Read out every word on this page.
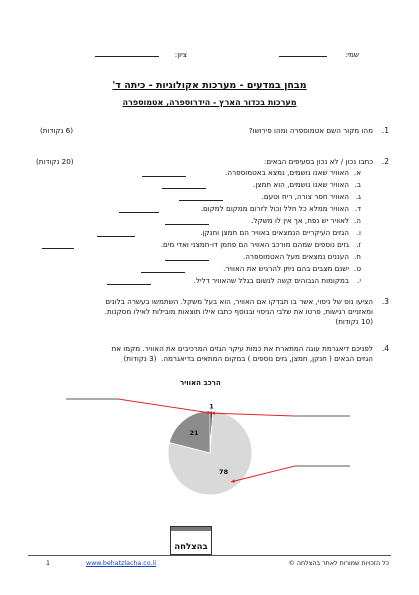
שמי:
ציון:
מבחן במדעים - מערכות אקולוגיות - כיתה ד'
מערכות בכדור הארץ - הידרוספרה, אטמוספרה
1.
מהו מקור השם אטמוספרה ומהו פירושו?
(6 נקודות)
2.
כתבו נכון / לא נכון בסעיפים הבאים:
(20 נקודות)
א.האוויר שאנו נושמים, נמצא באטמוספרה.
ב.האוויר שאנו נושמים, הוא חמצן.
ג.האוויר חסר צורה, ריח וטעם.
ד.האוויר ממלא כל חלל וכול לזרום ממקום למקום.
ה.לאוויר יש נפח, אך אין לו משקל.
ו.הגזים העיקריים הנמצאים באוויר הם חמצן וחנקן.
ז.גזים נוספים שמהם מורכב האוויר הם פחמן דו-חמצני ואדי מים.
ח.העננים נמצאים מעל האטמוספרה.
ט.ישנם מצבים בהם ניתן להרגיש את האוויר.
י.במקומות הגבוהים קשה לנשום בגלל שהאוויר דליל.
3.
הציעו נוס של ניסוי, אשר בו תבדקו אם האוויר, הוא בעל משקל. השתמשו בעשרה בלונים
ומאזניים רגישות, פרטו את שלבי הניסוי ובנוסף כתבו אילו תוצאות מובילות לאילו מסקנות.
(10 נקודות)
4.
לפניכם דיאגרמת עוגה המתארת את כמות עיקר הגזים המרכיבים את האוויר. מקמו את
הגזים הבאים ( חנקן, חמצן, גזים נוספים ) במקום המתאים בדיאגרמה.  (3 נקודות)
הרכב האוויר
78
21
1
$_{בהצלחה}$
כל הזכויות שמורות לאתר בהצלחה ©
www.behatzlacha.co.il
1
